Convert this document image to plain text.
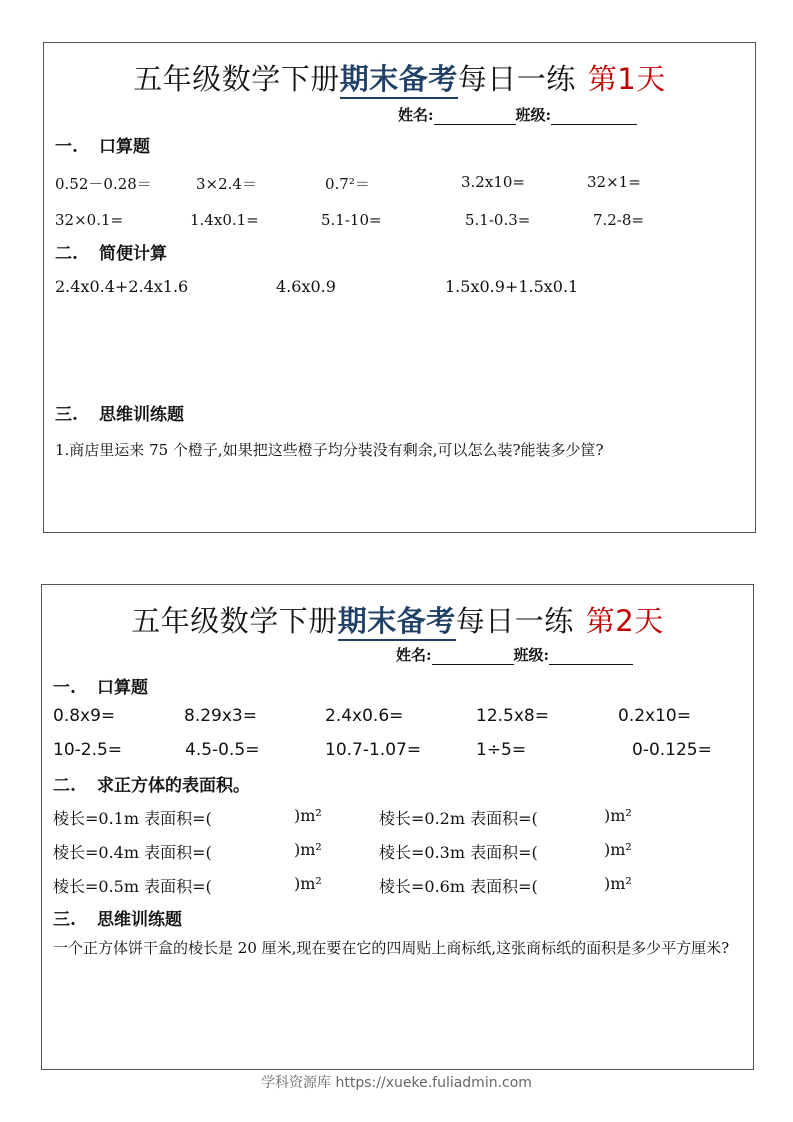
五年级数学下册期末备考每日一练 第1天
姓名:	班级:
一. 口算题
0.52－0.28＝	3×2.4＝	0.7²＝	3.2x10=	32×1=
32×0.1=	1.4x0.1=	5.1-10=	5.1-0.3=	7.2-8=
二. 简便计算
2.4x0.4+2.4x1.6	4.6x0.9	1.5x0.9+1.5x0.1
三. 思维训练题
1.商店里运来 75 个橙子,如果把这些橙子均分装没有剩余,可以怎么装?能装多少筐?
五年级数学下册期末备考每日一练 第2天
姓名:	班级:
一. 口算题
0.8x9=	8.29x3=	2.4x0.6=	12.5x8=	0.2x10=
10-2.5=	4.5-0.5=	10.7-1.07=	1÷5=	0-0.125=
二. 求正方体的表面积。
棱长=0.1m 表面积=(	)m²	棱长=0.2m 表面积=(	)m²
棱长=0.4m 表面积=(	)m²	棱长=0.3m 表面积=(	)m²
棱长=0.5m 表面积=(	)m²	棱长=0.6m 表面积=(	)m²
三. 思维训练题
一个正方体饼干盒的棱长是 20 厘米,现在要在它的四周贴上商标纸,这张商标纸的面积是多少平方厘米?
学科资源库 https://xueke.fuliadmin.com
